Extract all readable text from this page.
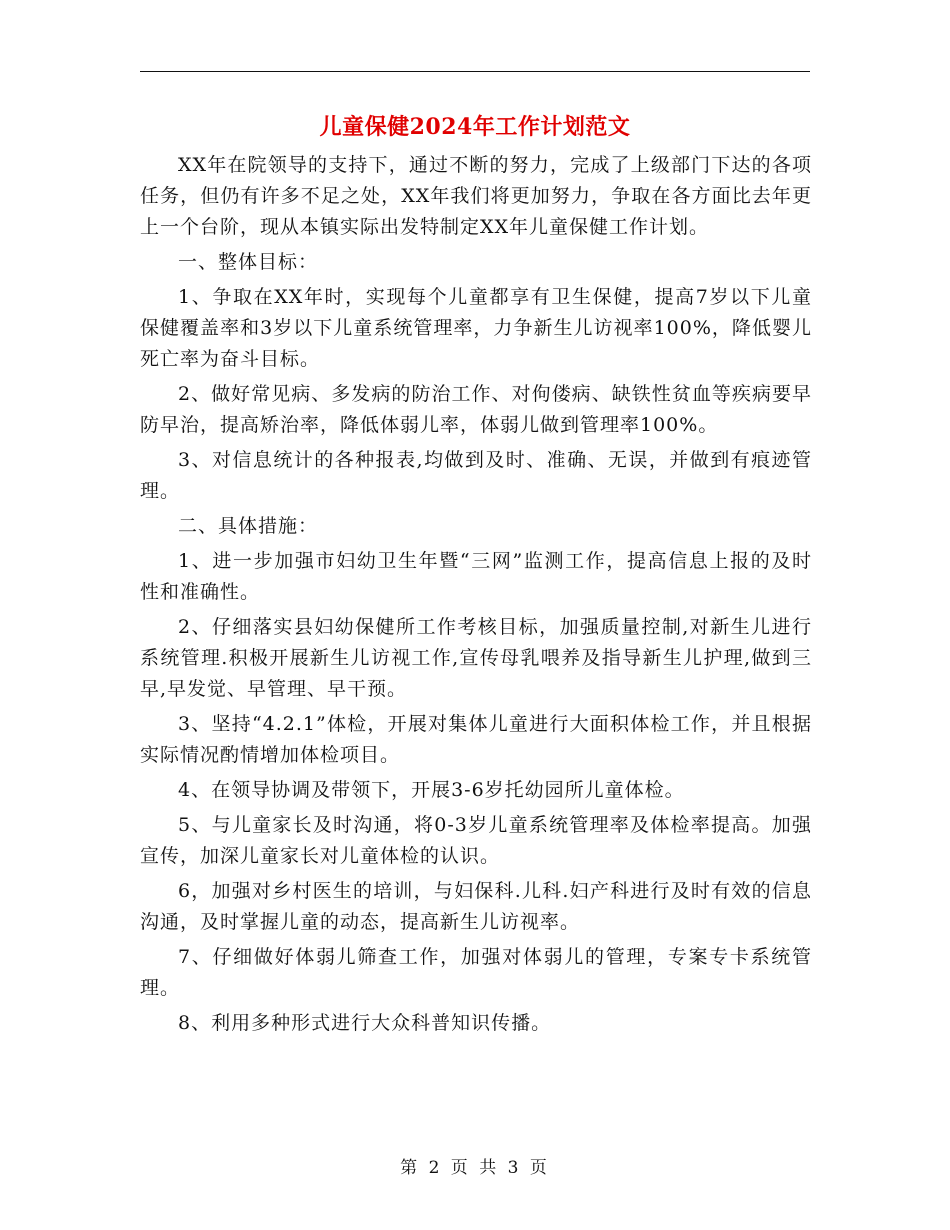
儿童保健2024年工作计划范文

XX年在院领导的支持下，通过不断的努力，完成了上级部门下达的各项任务，但仍有许多不足之处，XX年我们将更加努力，争取在各方面比去年更上一个台阶，现从本镇实际出发特制定XX年儿童保健工作计划。

一、整体目标：

1、争取在XX年时，实现每个儿童都享有卫生保健，提高7岁以下儿童保健覆盖率和3岁以下儿童系统管理率，力争新生儿访视率100%，降低婴儿死亡率为奋斗目标。

2、做好常见病、多发病的防治工作、对佝偻病、缺铁性贫血等疾病要早防早治，提高矫治率，降低体弱儿率，体弱儿做到管理率100%。

3、对信息统计的各种报表,均做到及时、准确、无误，并做到有痕迹管理。

二、具体措施：

1、进一步加强市妇幼卫生年暨“三网”监测工作，提高信息上报的及时性和准确性。

2、仔细落实县妇幼保健所工作考核目标，加强质量控制,对新生儿进行系统管理.积极开展新生儿访视工作,宣传母乳喂养及指导新生儿护理,做到三早,早发觉、早管理、早干预。

3、坚持“4.2.1”体检，开展对集体儿童进行大面积体检工作，并且根据实际情况酌情增加体检项目。

4、在领导协调及带领下，开展3-6岁托幼园所儿童体检。

5、与儿童家长及时沟通，将0-3岁儿童系统管理率及体检率提高。加强宣传，加深儿童家长对儿童体检的认识。

6，加强对乡村医生的培训，与妇保科.儿科.妇产科进行及时有效的信息沟通，及时掌握儿童的动态，提高新生儿访视率。

7、仔细做好体弱儿筛查工作，加强对体弱儿的管理，专案专卡系统管理。

8、利用多种形式进行大众科普知识传播。

第 2 页 共 3 页
